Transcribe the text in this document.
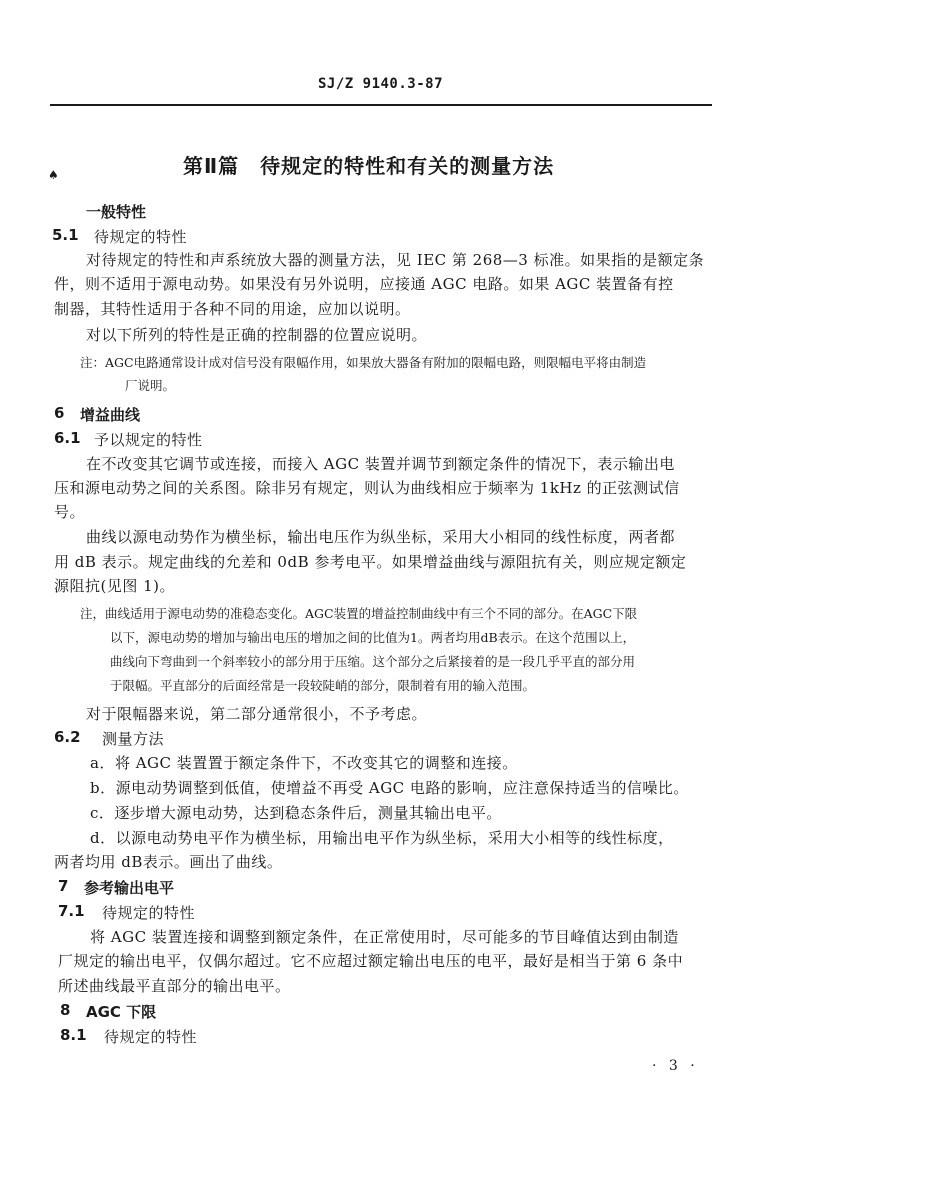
SJ/Z 9140.3-87
♠	第Ⅱ篇　待规定的特性和有关的测量方法
一般特性
5.1 待规定的特性
对待规定的特性和声系统放大器的测量方法，见 IEC 第 268—3 标准。如果指的是额定条
件，则不适用于源电动势。如果没有另外说明，应接通 AGC 电路。如果 AGC 装置备有控
制器，其特性适用于各种不同的用途，应加以说明。
对以下所列的特性是正确的控制器的位置应说明。
注：AGC电路通常设计成对信号没有限幅作用，如果放大器备有附加的限幅电路，则限幅电平将由制造
厂说明。
6 增益曲线
6.1 予以规定的特性
在不改变其它调节或连接，而接入 AGC 装置并调节到额定条件的情况下，表示输出电
压和源电动势之间的关系图。除非另有规定，则认为曲线相应于频率为 1kHz 的正弦测试信
号。
曲线以源电动势作为横坐标，输出电压作为纵坐标，采用大小相同的线性标度，两者都
用 dB 表示。规定曲线的允差和 0dB 参考电平。如果增益曲线与源阻抗有关，则应规定额定
源阻抗(见图 1)。
注，曲线适用于源电动势的准稳态变化。AGC装置的增益控制曲线中有三个不同的部分。在AGC下限
以下，源电动势的增加与输出电压的增加之间的比值为1。两者均用dB表示。在这个范围以上，
曲线向下弯曲到一个斜率较小的部分用于压缩。这个部分之后紧接着的是一段几乎平直的部分用
于限幅。平直部分的后面经常是一段较陡峭的部分，限制着有用的输入范围。
对于限幅器来说，第二部分通常很小，不予考虑。
6.2 测量方法
a．将 AGC 装置置于额定条件下，不改变其它的调整和连接。
b．源电动势调整到低值，使增益不再受 AGC 电路的影响，应注意保持适当的信噪比。
c．逐步增大源电动势，达到稳态条件后，测量其输出电平。
d．以源电动势电平作为横坐标，用输出电平作为纵坐标，采用大小相等的线性标度，
两者均用 dB表示。画出了曲线。
7 参考输出电平
7.1 待规定的特性
将 AGC 装置连接和调整到额定条件，在正常使用时，尽可能多的节目峰值达到由制造
厂规定的输出电平，仅偶尔超过。它不应超过额定输出电压的电平，最好是相当于第 6 条中
所述曲线最平直部分的输出电平。
8 AGC 下限
8.1 待规定的特性
· 3 ·
